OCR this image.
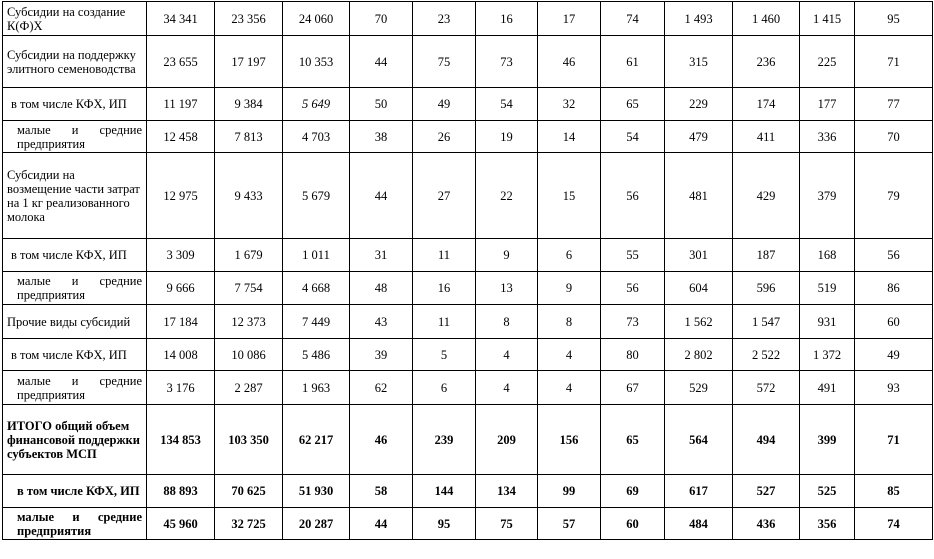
Субсидии на создание К(Ф)Х	34 341	23 356	24 060	70	23	16	17	74	1 493	1 460	1 415	95
Субсидии на поддержку элитного семеноводства	23 655	17 197	10 353	44	75	73	46	61	315	236	225	71
в том числе КФХ, ИП	11 197	9 384	5 649	50	49	54	32	65	229	174	177	77
малые и средние предприятия	12 458	7 813	4 703	38	26	19	14	54	479	411	336	70
Субсидии на возмещение части затрат на 1 кг реализованного молока	12 975	9 433	5 679	44	27	22	15	56	481	429	379	79
в том числе КФХ, ИП	3 309	1 679	1 011	31	11	9	6	55	301	187	168	56
малые и средние предприятия	9 666	7 754	4 668	48	16	13	9	56	604	596	519	86
Прочие виды субсидий	17 184	12 373	7 449	43	11	8	8	73	1 562	1 547	931	60
в том числе КФХ, ИП	14 008	10 086	5 486	39	5	4	4	80	2 802	2 522	1 372	49
малые и средние предприятия	3 176	2 287	1 963	62	6	4	4	67	529	572	491	93
ИТОГО общий объем финансовой поддержки субъектов МСП	134 853	103 350	62 217	46	239	209	156	65	564	494	399	71
в том числе КФХ, ИП	88 893	70 625	51 930	58	144	134	99	69	617	527	525	85
малые и средние предприятия	45 960	32 725	20 287	44	95	75	57	60	484	436	356	74
